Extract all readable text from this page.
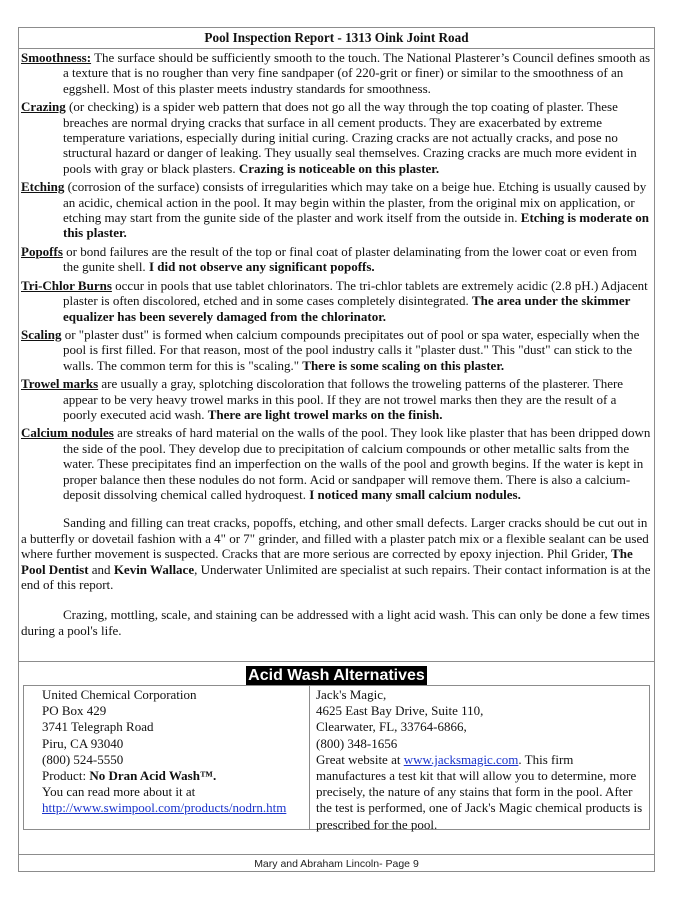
Pool Inspection Report - 1313 Oink Joint Road

Smoothness: The surface should be sufficiently smooth to the touch. The National Plasterer’s Council defines smooth as a texture that is no rougher than very fine sandpaper (of 220-grit or finer) or similar to the smoothness of an eggshell. Most of this plaster meets industry standards for smoothness.

Crazing (or checking) is a spider web pattern that does not go all the way through the top coating of plaster. These breaches are normal drying cracks that surface in all cement products. They are exacerbated by extreme temperature variations, especially during initial curing. Crazing cracks are not actually cracks, and pose no structural hazard or danger of leaking. They usually seal themselves. Crazing cracks are much more evident in pools with gray or black plasters. Crazing is noticeable on this plaster.

Etching (corrosion of the surface) consists of irregularities which may take on a beige hue. Etching is usually caused by an acidic, chemical action in the pool. It may begin within the plaster, from the original mix on application, or etching may start from the gunite side of the plaster and work itself from the outside in. Etching is moderate on this plaster.

Popoffs or bond failures are the result of the top or final coat of plaster delaminating from the lower coat or even from the gunite shell. I did not observe any significant popoffs.

Tri-Chlor Burns occur in pools that use tablet chlorinators. The tri-chlor tablets are extremely acidic (2.8 pH.) Adjacent plaster is often discolored, etched and in some cases completely disintegrated. The area under the skimmer equalizer has been severely damaged from the chlorinator.

Scaling or "plaster dust" is formed when calcium compounds precipitates out of pool or spa water, especially when the pool is first filled. For that reason, most of the pool industry calls it "plaster dust." This "dust" can stick to the walls. The common term for this is "scaling." There is some scaling on this plaster.

Trowel marks are usually a gray, splotching discoloration that follows the troweling patterns of the plasterer. There appear to be very heavy trowel marks in this pool. If they are not trowel marks then they are the result of a poorly executed acid wash. There are light trowel marks on the finish.

Calcium nodules are streaks of hard material on the walls of the pool. They look like plaster that has been dripped down the side of the pool. They develop due to precipitation of calcium compounds or other metallic salts from the water. These precipitates find an imperfection on the walls of the pool and growth begins. If the water is kept in proper balance then these nodules do not form. Acid or sandpaper will remove them. There is also a calcium-deposit dissolving chemical called hydroquest. I noticed many small calcium nodules.

Sanding and filling can treat cracks, popoffs, etching, and other small defects. Larger cracks should be cut out in a butterfly or dovetail fashion with a 4" or 7" grinder, and filled with a plaster patch mix or a flexible sealant can be used where further movement is suspected. Cracks that are more serious are corrected by epoxy injection. Phil Grider, The Pool Dentist and Kevin Wallace, Underwater Unlimited are specialist at such repairs. Their contact information is at the end of this report.

Crazing, mottling, scale, and staining can be addressed with a light acid wash. This can only be done a few times during a pool's life.

Acid Wash Alternatives
United Chemical Corporation
PO Box 429
3741 Telegraph Road
Piru, CA 93040
(800) 524-5550
Product: No Dran Acid Wash™.
You can read more about it at
http://www.swimpool.com/products/nodrn.htm
Jack's Magic,
4625 East Bay Drive, Suite 110,
Clearwater, FL, 33764-6866,
(800) 348-1656
Great website at www.jacksmagic.com. This firm manufactures a test kit that will allow you to determine, more precisely, the nature of any stains that form in the pool. After the test is performed, one of Jack's Magic chemical products is prescribed for the pool.
Mary and Abraham Lincoln- Page 9
